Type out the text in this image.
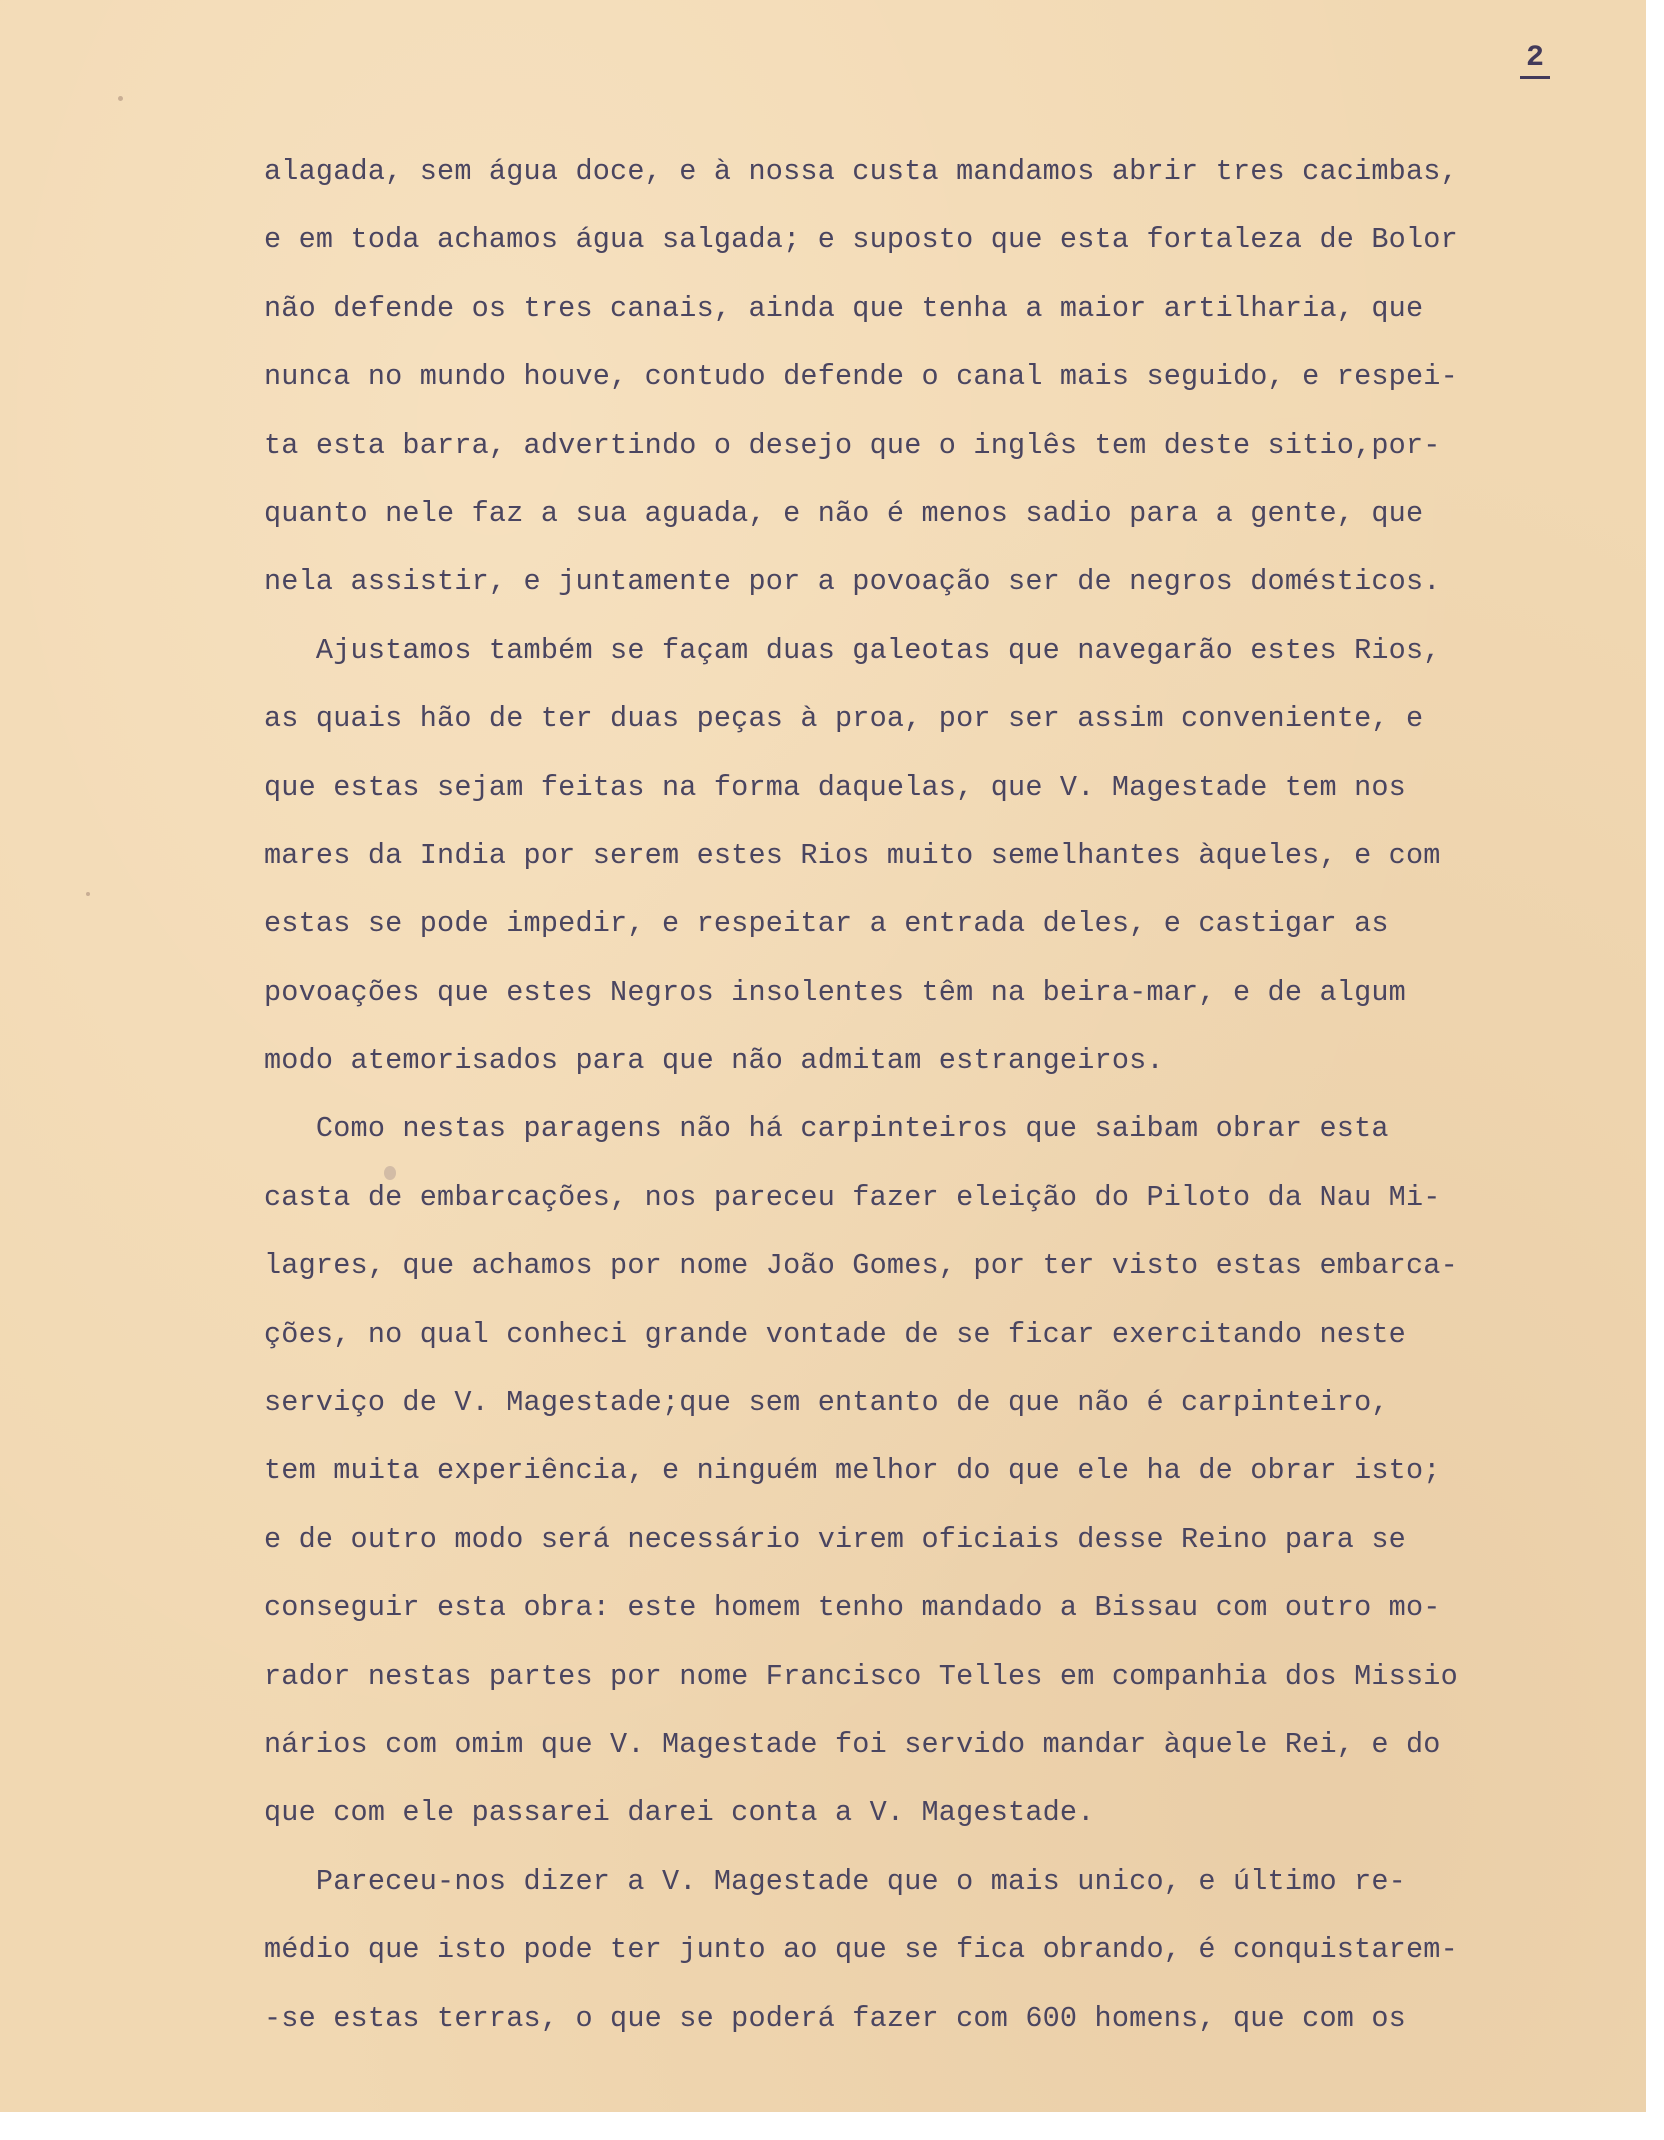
2
alagada, sem água doce, e à nossa custa mandamos abrir tres cacimbas,
e em toda achamos água salgada; e suposto que esta fortaleza de Bolor
não defende os tres canais, ainda que tenha a maior artilharia, que
nunca no mundo houve, contudo defende o canal mais seguido, e respei-
ta esta barra, advertindo o desejo que o inglês tem deste sitio,por-
quanto nele faz a sua aguada, e não é menos sadio para a gente, que
nela assistir, e juntamente por a povoação ser de negros domésticos.
Ajustamos também se façam duas galeotas que navegarão estes Rios,
as quais hão de ter duas peças à proa, por ser assim conveniente, e
que estas sejam feitas na forma daquelas, que V. Magestade tem nos
mares da India por serem estes Rios muito semelhantes àqueles, e com
estas se pode impedir, e respeitar a entrada deles, e castigar as
povoações que estes Negros insolentes têm na beira-mar, e de algum
modo atemorisados para que não admitam estrangeiros.
Como nestas paragens não há carpinteiros que saibam obrar esta
casta de embarcações, nos pareceu fazer eleição do Piloto da Nau Mi-
lagres, que achamos por nome João Gomes, por ter visto estas embarca-
ções, no qual conheci grande vontade de se ficar exercitando neste
serviço de V. Magestade;que sem entanto de que não é carpinteiro,
tem muita experiência, e ninguém melhor do que ele ha de obrar isto;
e de outro modo será necessário virem oficiais desse Reino para se
conseguir esta obra: este homem tenho mandado a Bissau com outro mo-
rador nestas partes por nome Francisco Telles em companhia dos Missio
nários com omim que V. Magestade foi servido mandar àquele Rei, e do
que com ele passarei darei conta a V. Magestade.
Pareceu-nos dizer a V. Magestade que o mais unico, e último re-
médio que isto pode ter junto ao que se fica obrando, é conquistarem-
-se estas terras, o que se poderá fazer com 600 homens, que com os
